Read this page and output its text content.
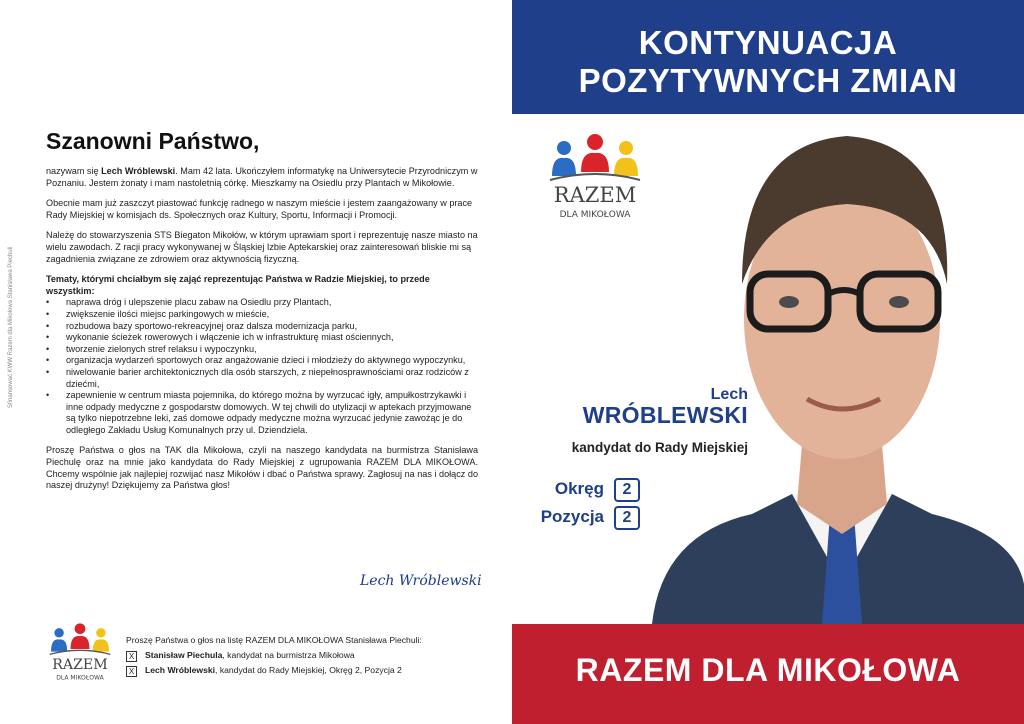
Sfinansować KWW Razem dla Mikołowa Stanisława Piechuli
Szanowni Państwo,

nazywam się Lech Wróblewski. Mam 42 lata. Ukończyłem informatykę na Uniwersytecie Przyrodniczym w Poznaniu. Jestem żonaty i mam nastoletnią córkę. Mieszkamy na Osiedlu przy Plantach w Mikołowie.

Obecnie mam już zaszczyt piastować funkcję radnego w naszym mieście i jestem zaangażowany w prace Rady Miejskiej w komisjach ds. Społecznych oraz Kultury, Sportu, Informacji i Promocji.

Należę do stowarzyszenia STS Biegaton Mikołów, w którym uprawiam sport i reprezentuję nasze miasto na wielu zawodach. Z racji pracy wykonywanej w Śląskiej Izbie Aptekarskiej oraz zainteresowań bliskie mi są zagadnienia związane ze zdrowiem oraz aktywnością fizyczną.

Tematy, którymi chciałbym się zająć reprezentując Państwa w Radzie Miejskiej, to przede wszystkim:

• naprawa dróg i ulepszenie placu zabaw na Osiedlu przy Plantach,
• zwiększenie ilości miejsc parkingowych w mieście,
• rozbudowa bazy sportowo-rekreacyjnej oraz dalsza modernizacja parku,
• wykonanie ścieżek rowerowych i włączenie ich w infrastrukturę miast ościennych,
• tworzenie zielonych stref relaksu i wypoczynku,
• organizacja wydarzeń sportowych oraz angażowanie dzieci i młodzieży do aktywnego wypoczynku,
• niwelowanie barier architektonicznych dla osób starszych, z niepełnosprawnościami oraz rodziców z dziećmi,
• zapewnienie w centrum miasta pojemnika, do którego można by wyrzucać igły, ampułkostrzykawki i inne odpady medyczne z gospodarstw domowych. W tej chwili do utylizacji w aptekach przyjmowane są tylko niepotrzebne leki, zaś domowe odpady medyczne można wyrzucać jedynie zawożąc je do odległego Zakładu Usług Komunalnych przy ul. Dziendziela.

Proszę Państwa o głos na TAK dla Mikołowa, czyli na naszego kandydata na burmistrza Stanisława Piechulę oraz na mnie jako kandydata do Rady Miejskiej z ugrupowania RAZEM DLA MIKOŁOWA. Chcemy wspólnie jak najlepiej rozwijać nasz Mikołów i dbać o Państwa sprawy. Zagłosuj na nas i dołącz do naszej drużyny! Dziękujemy za Państwa głos!

Lech Wróblewski
RAZEM
DLA MIKOŁOWA
Proszę Państwa o głos na listę RAZEM DLA MIKOŁOWA Stanisława Piechuli:
X Stanisław Piechula, kandydat na burmistrza Mikołowa
X Lech Wróblewski, kandydat do Rady Miejskiej, Okręg 2, Pozycja 2
KONTYNUACJA
POZYTYWNYCH ZMIAN
RAZEM
DLA MIKOŁOWA
Lech
WRÓBLEWSKI
kandydat do Rady Miejskiej
Okręg 2
Pozycja 2
RAZEM DLA MIKOŁOWA
